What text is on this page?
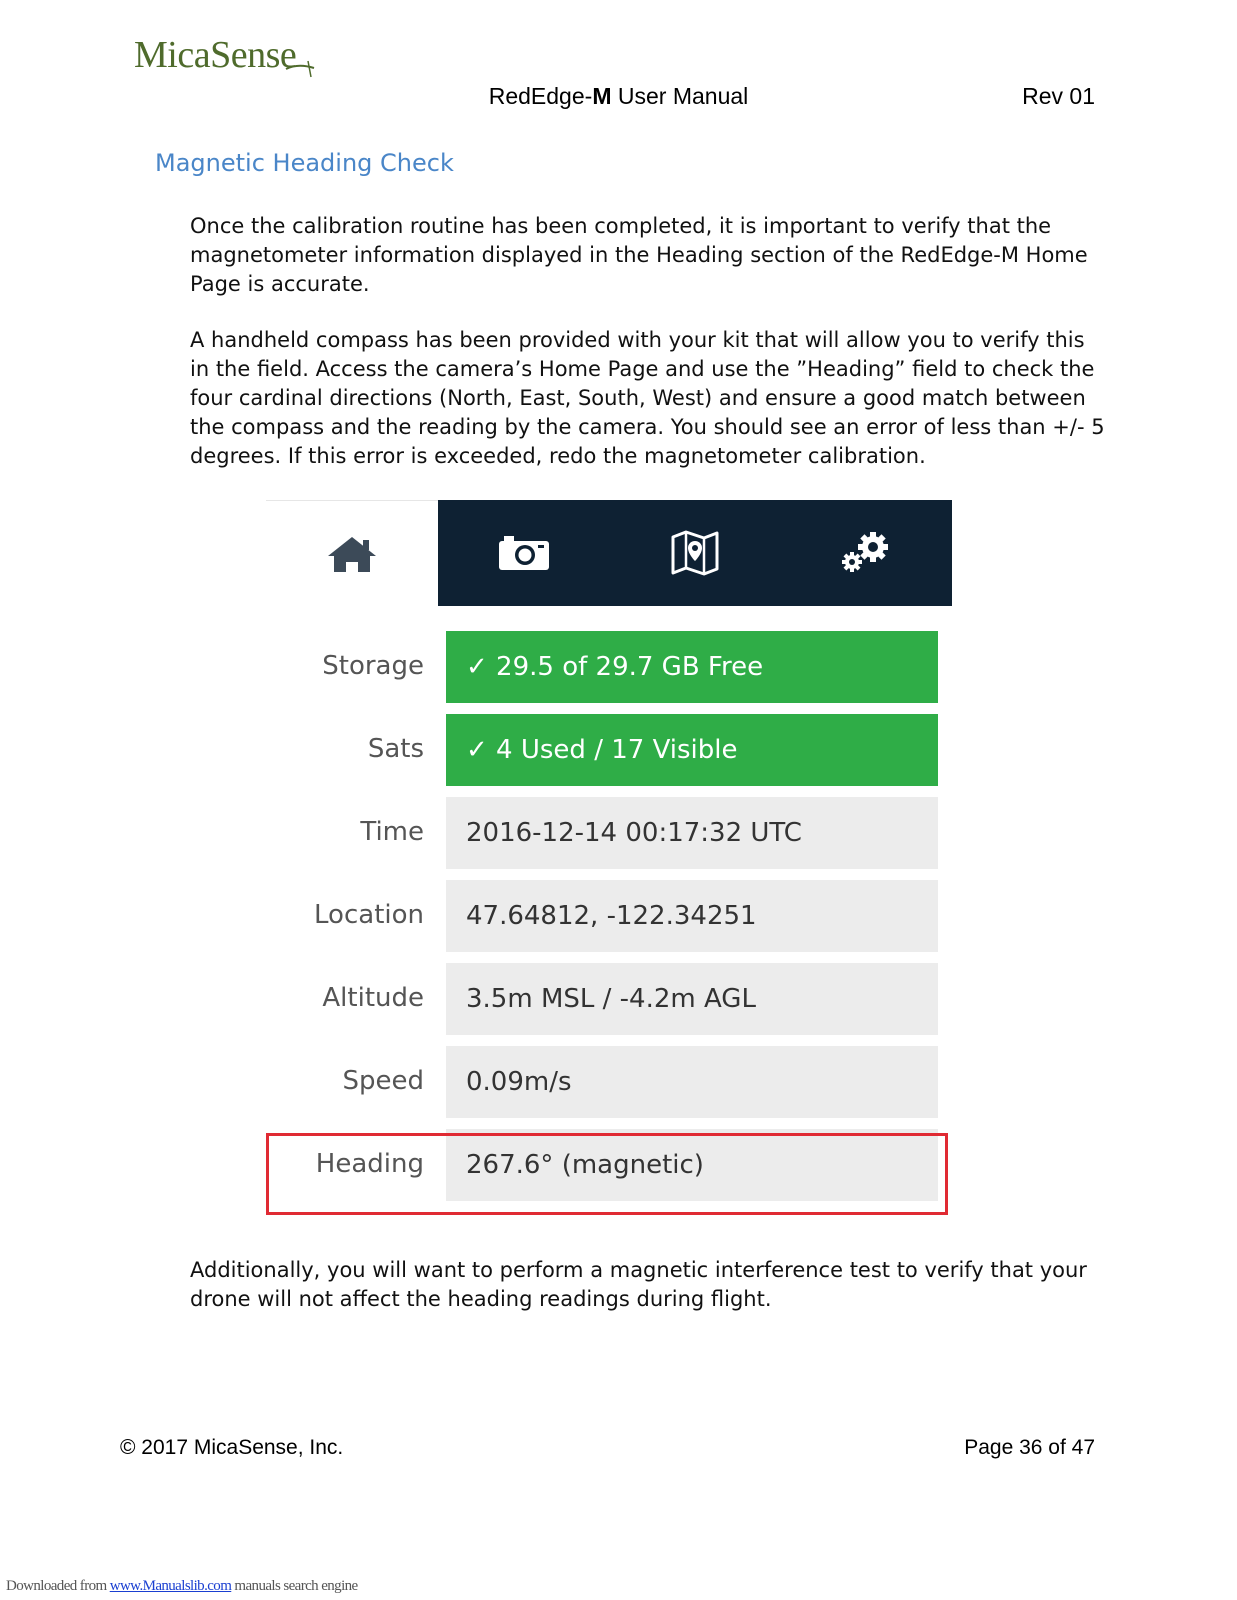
MicaSense
RedEdge-M User Manual	Rev 01
Magnetic Heading Check

Once the calibration routine has been completed, it is important to verify that the magnetometer information displayed in the Heading section of the RedEdge-M Home Page is accurate.

A handheld compass has been provided with your kit that will allow you to verify this in the field. Access the camera’s Home Page and use the ”Heading” field to check the four cardinal directions (North, East, South, West) and ensure a good match between the compass and the reading by the camera. You should see an error of less than +/- 5 degrees. If this error is exceeded, redo the magnetometer calibration.

Storage	✓ 29.5 of 29.7 GB Free
Sats	✓ 4 Used / 17 Visible
Time	2016-12-14 00:17:32 UTC
Location	47.64812, -122.34251
Altitude	3.5m MSL / -4.2m AGL
Speed	0.09m/s
Heading	267.6° (magnetic)

Additionally, you will want to perform a magnetic interference test to verify that your drone will not affect the heading readings during flight.

© 2017 MicaSense, Inc.	Page 36 of 47
Downloaded from www.Manualslib.com manuals search engine
